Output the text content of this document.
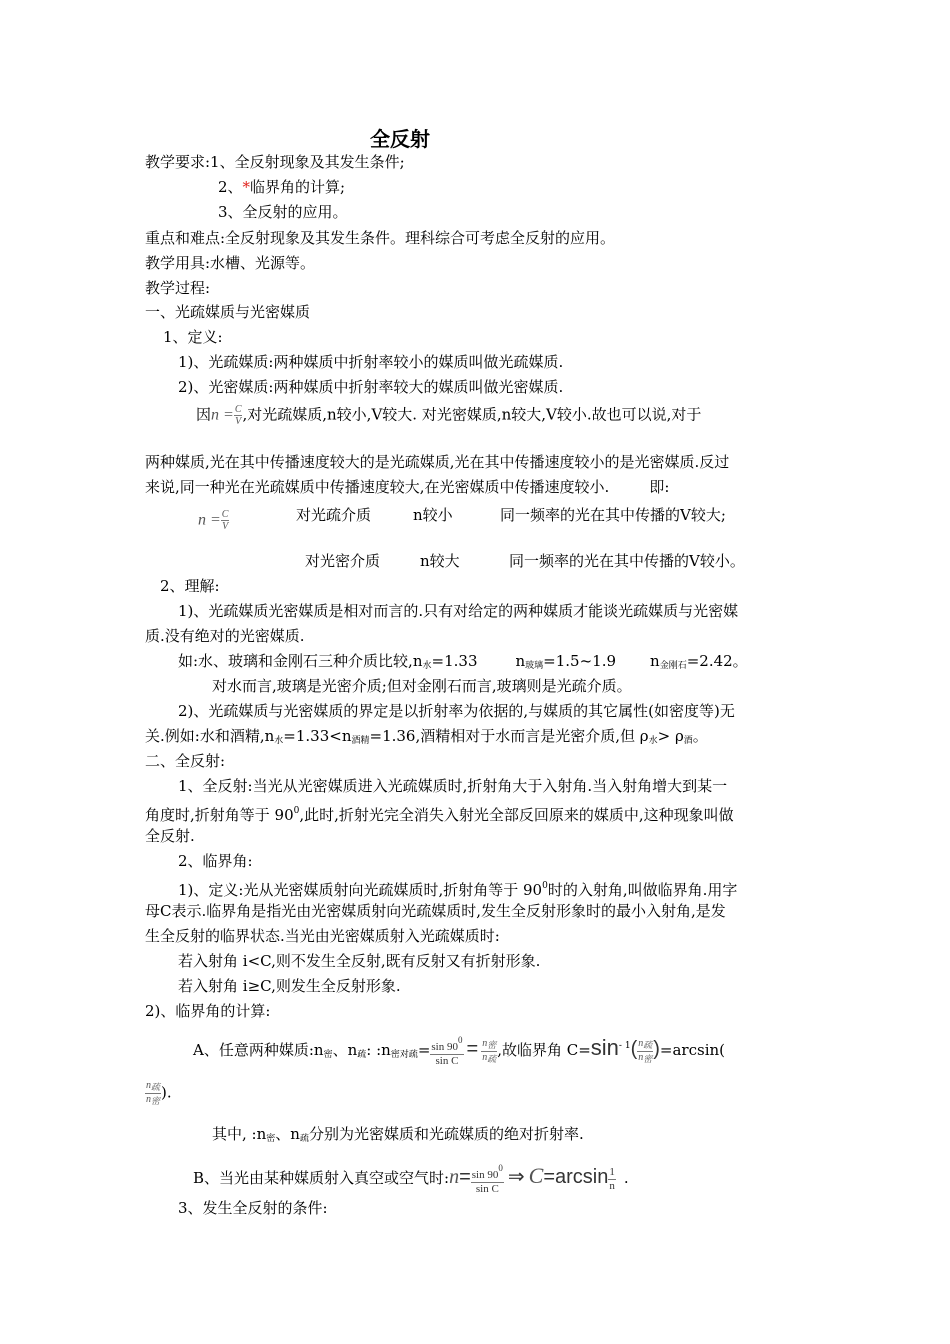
全反射
教学要求:1、全反射现象及其发生条件;
2、*临界角的计算;
3、全反射的应用。
重点和难点:全反射现象及其发生条件。理科综合可考虑全反射的应用。
教学用具:水槽、光源等。
教学过程:
一、光疏媒质与光密媒质
1、定义:
1)、光疏媒质:两种媒质中折射率较小的媒质叫做光疏媒质.
2)、光密媒质:两种媒质中折射率较大的媒质叫做光密媒质.
因$n = \frac{C}{V}$ ,对光疏媒质,n较小,V较大. 对光密媒质,n较大,V较小.故也可以说,对于
两种媒质,光在其中传播速度较大的是光疏媒质,光在其中传播速度较小的是光密媒质.反过
来说,同一种光在光疏媒质中传播速度较大,在光密媒质中传播速度较小.	即:
$n = \frac{C}{V}$	对光疏介质	n较小	同一频率的光在其中传播的V较大;
对光密介质	n较大	同一频率的光在其中传播的V较小。
2、理解:
1)、光疏媒质光密媒质是相对而言的.只有对给定的两种媒质才能谈光疏媒质与光密媒
质.没有绝对的光密媒质.
如:水、玻璃和金刚石三种介质比较$,n_水=1.33$	$n_{玻璃}=1.5\sim 1.9$ $n_{金刚石}=2.42$。
对水而言,玻璃是光密介质;但对金刚石而言,玻璃则是光疏介质。
2)、光疏媒质与光密媒质的界定是以折射率为依据的,与媒质的其它属性(如密度等)无
关.例如:水和酒精$,n_水=1.33<n_{酒精}=1.36$,酒精相对于水而言是光密介质,但 $\rho_水> \rho_酒$。
二、全反射:
1、全反射:当光从光密媒质进入光疏媒质时,折射角大于入射角.当入射角增大到某一
角度时,折射角等于 $90^0$,此时,折射光完全消失入射光全部反回原来的媒质中,这种现象叫做
全反射.
2、临界角:
1)、定义:光从光密媒质射向光疏媒质时,折射角等于 $90^0$时的入射角,叫做临界角.用字
母C表示.临界角是指光由光密媒质射向光疏媒质时,发生全反射形象时的最小入射角,是发
生全反射的临界状态.当光由光密媒质射入光疏媒质时:
若入射角 i<C,则不发生全反射,既有反射又有折射形象.
若入射角 i≥C,则发生全反射形象.
2)、临界角的计算:
A、任意两种媒质$:n_密$、$n_疏$: $:n_{密对疏}= \frac{\sin 90^0}{\text{sin C}} = \frac{\text{n密}}{\text{n疏}}$ ,故临界角 $C=\sin^{- 1}( \frac{\text{n疏}}{\text{n密}} )=\arcsin$(
$\frac{\text{n疏}}{\text{n密}}$ ).
其中, $:n_密$、$n_疏$分别为光密媒质和光疏媒质的绝对折射率.
B、当光由某种媒质射入真空或空气时:n= $\frac{\sin 90^0}{\text{sin C}}$ ⇒ $C=\arcsin \frac{1}{n}$ .
3、发生全反射的条件:
